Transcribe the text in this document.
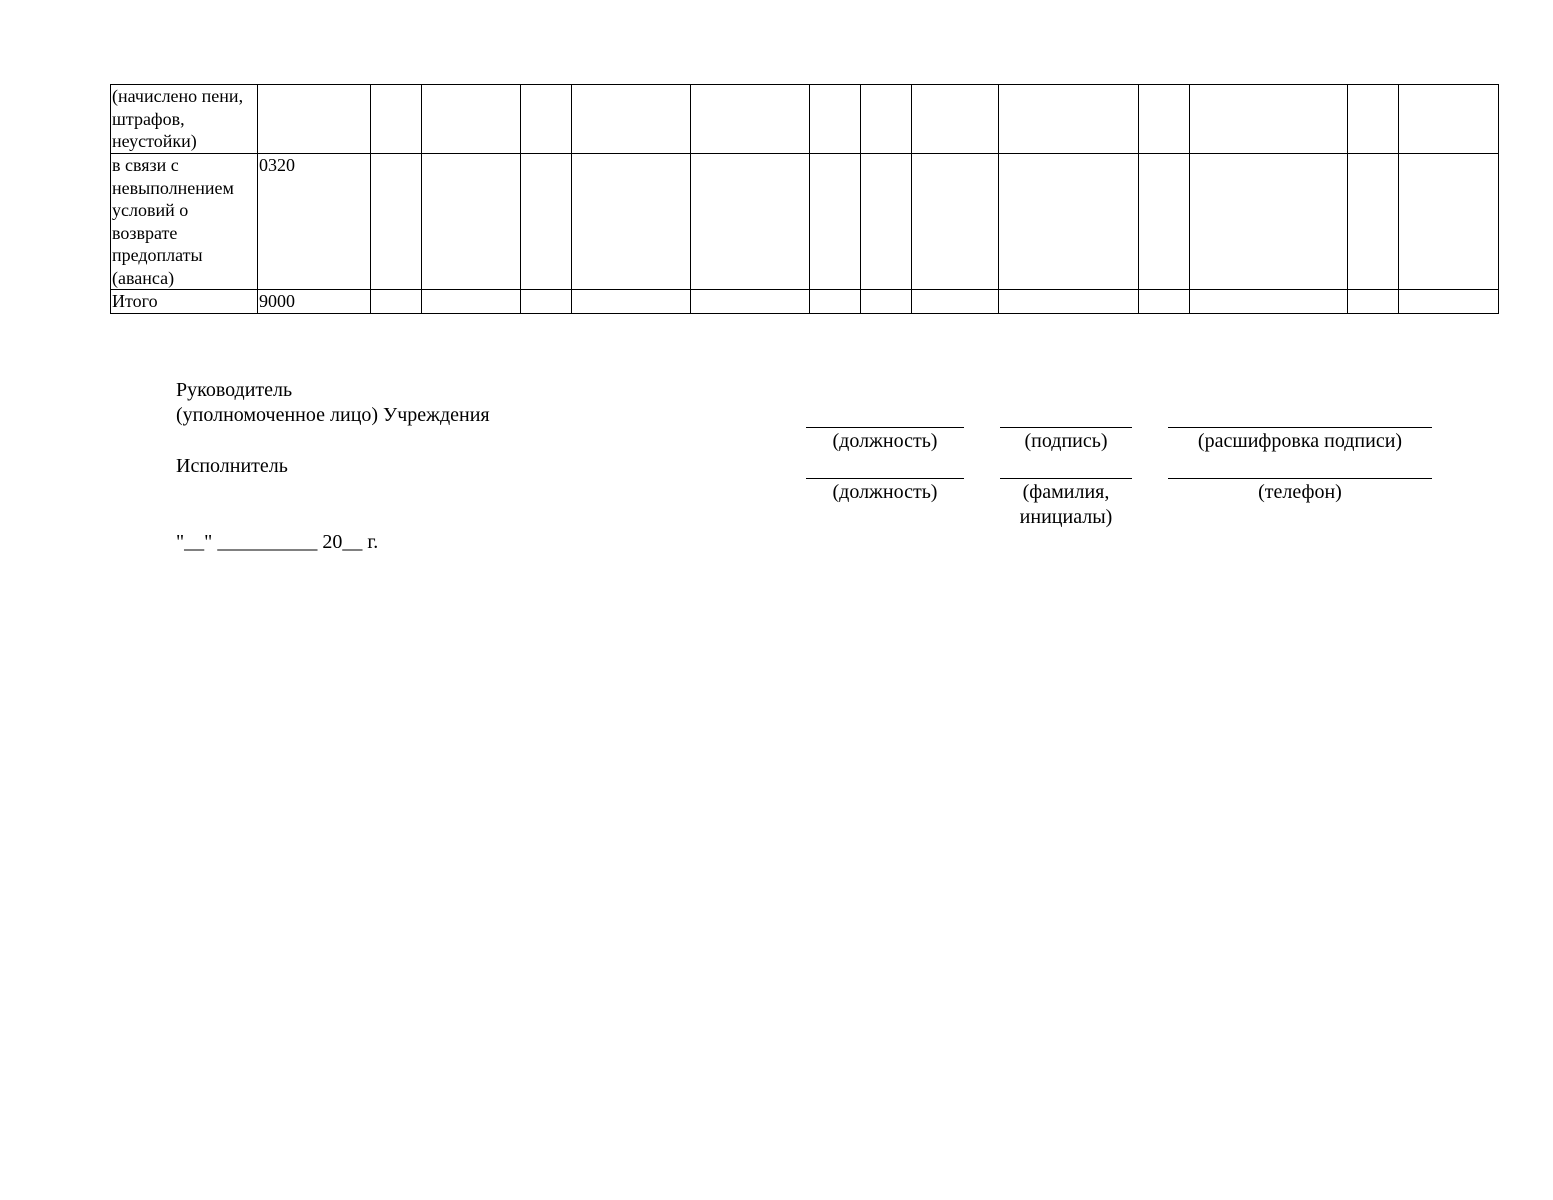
(начислено пени, штрафов, неустойки)														
в связи с невыполнением условий о возврате предоплаты (аванса)	0320													
Итого	9000													
Руководитель
(уполномоченное лицо) Учреждения
(должность)	(подпись)	(расшифровка подписи)
Исполнитель
(должность)	(фамилия, инициалы)
(телефон)
"__" __________ 20__ г.
